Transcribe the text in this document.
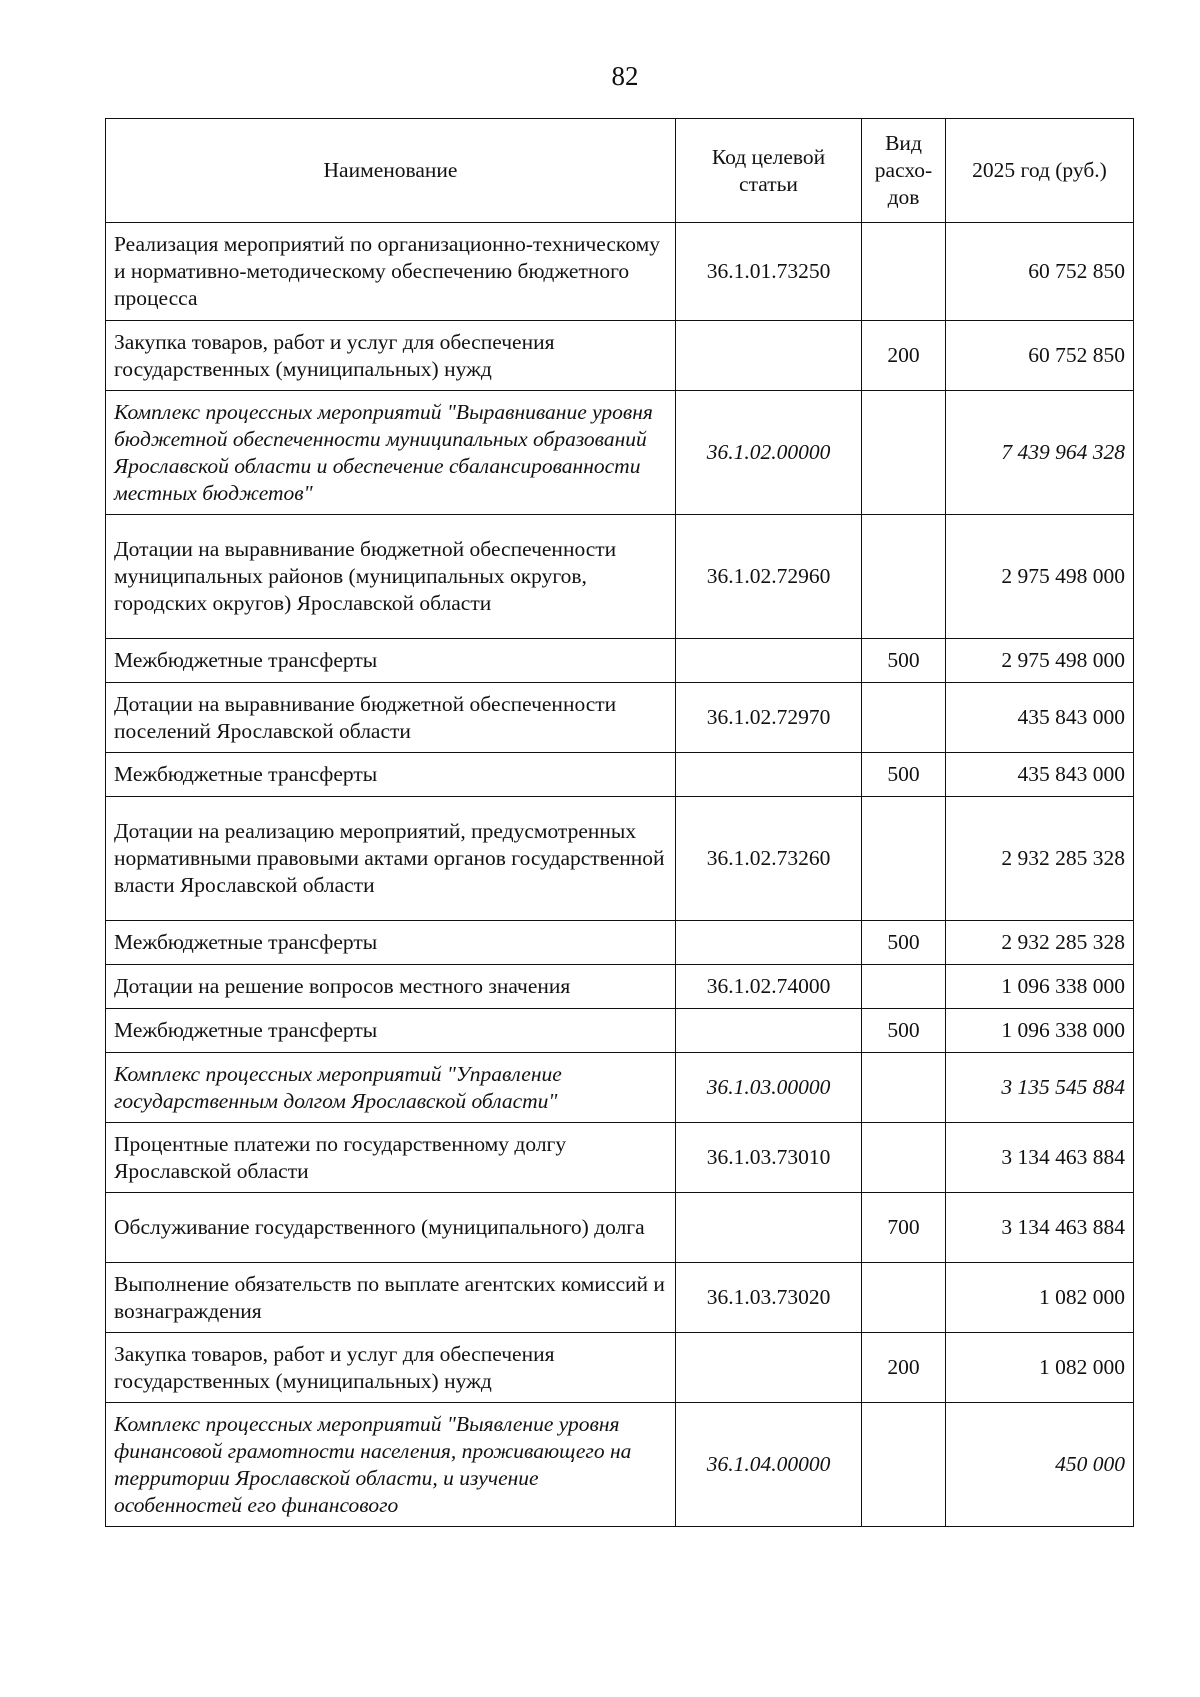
82
Наименование	Код целевой статьи	Вид расхо-дов	2025 год (руб.)
Реализация мероприятий по организационно-техническому и нормативно-методическому обеспечению бюджетного процесса	36.1.01.73250		60 752 850
Закупка товаров, работ и услуг для обеспечения государственных (муниципальных) нужд		200	60 752 850
Комплекс процессных мероприятий "Выравнивание уровня бюджетной обеспеченности муниципальных образований Ярославской области и обеспечение сбалансированности местных бюджетов"	36.1.02.00000		7 439 964 328
Дотации на выравнивание бюджетной обеспеченности муниципальных районов (муниципальных округов, городских округов) Ярославской области	36.1.02.72960		2 975 498 000
Межбюджетные трансферты		500	2 975 498 000
Дотации на выравнивание бюджетной обеспеченности поселений Ярославской области	36.1.02.72970		435 843 000
Межбюджетные трансферты		500	435 843 000
Дотации на реализацию мероприятий, предусмотренных нормативными правовыми актами органов государственной власти Ярославской области	36.1.02.73260		2 932 285 328
Межбюджетные трансферты		500	2 932 285 328
Дотации на решение вопросов местного значения	36.1.02.74000		1 096 338 000
Межбюджетные трансферты		500	1 096 338 000
Комплекс процессных мероприятий "Управление государственным долгом Ярославской области"	36.1.03.00000		3 135 545 884
Процентные платежи по государственному долгу Ярославской области	36.1.03.73010		3 134 463 884
Обслуживание государственного (муниципального) долга		700	3 134 463 884
Выполнение обязательств по выплате агентских комиссий и вознаграждения	36.1.03.73020		1 082 000
Закупка товаров, работ и услуг для обеспечения государственных (муниципальных) нужд		200	1 082 000
Комплекс процессных мероприятий "Выявление уровня финансовой грамотности населения, проживающего на территории Ярославской области, и изучение особенностей его финансового	36.1.04.00000		450 000
